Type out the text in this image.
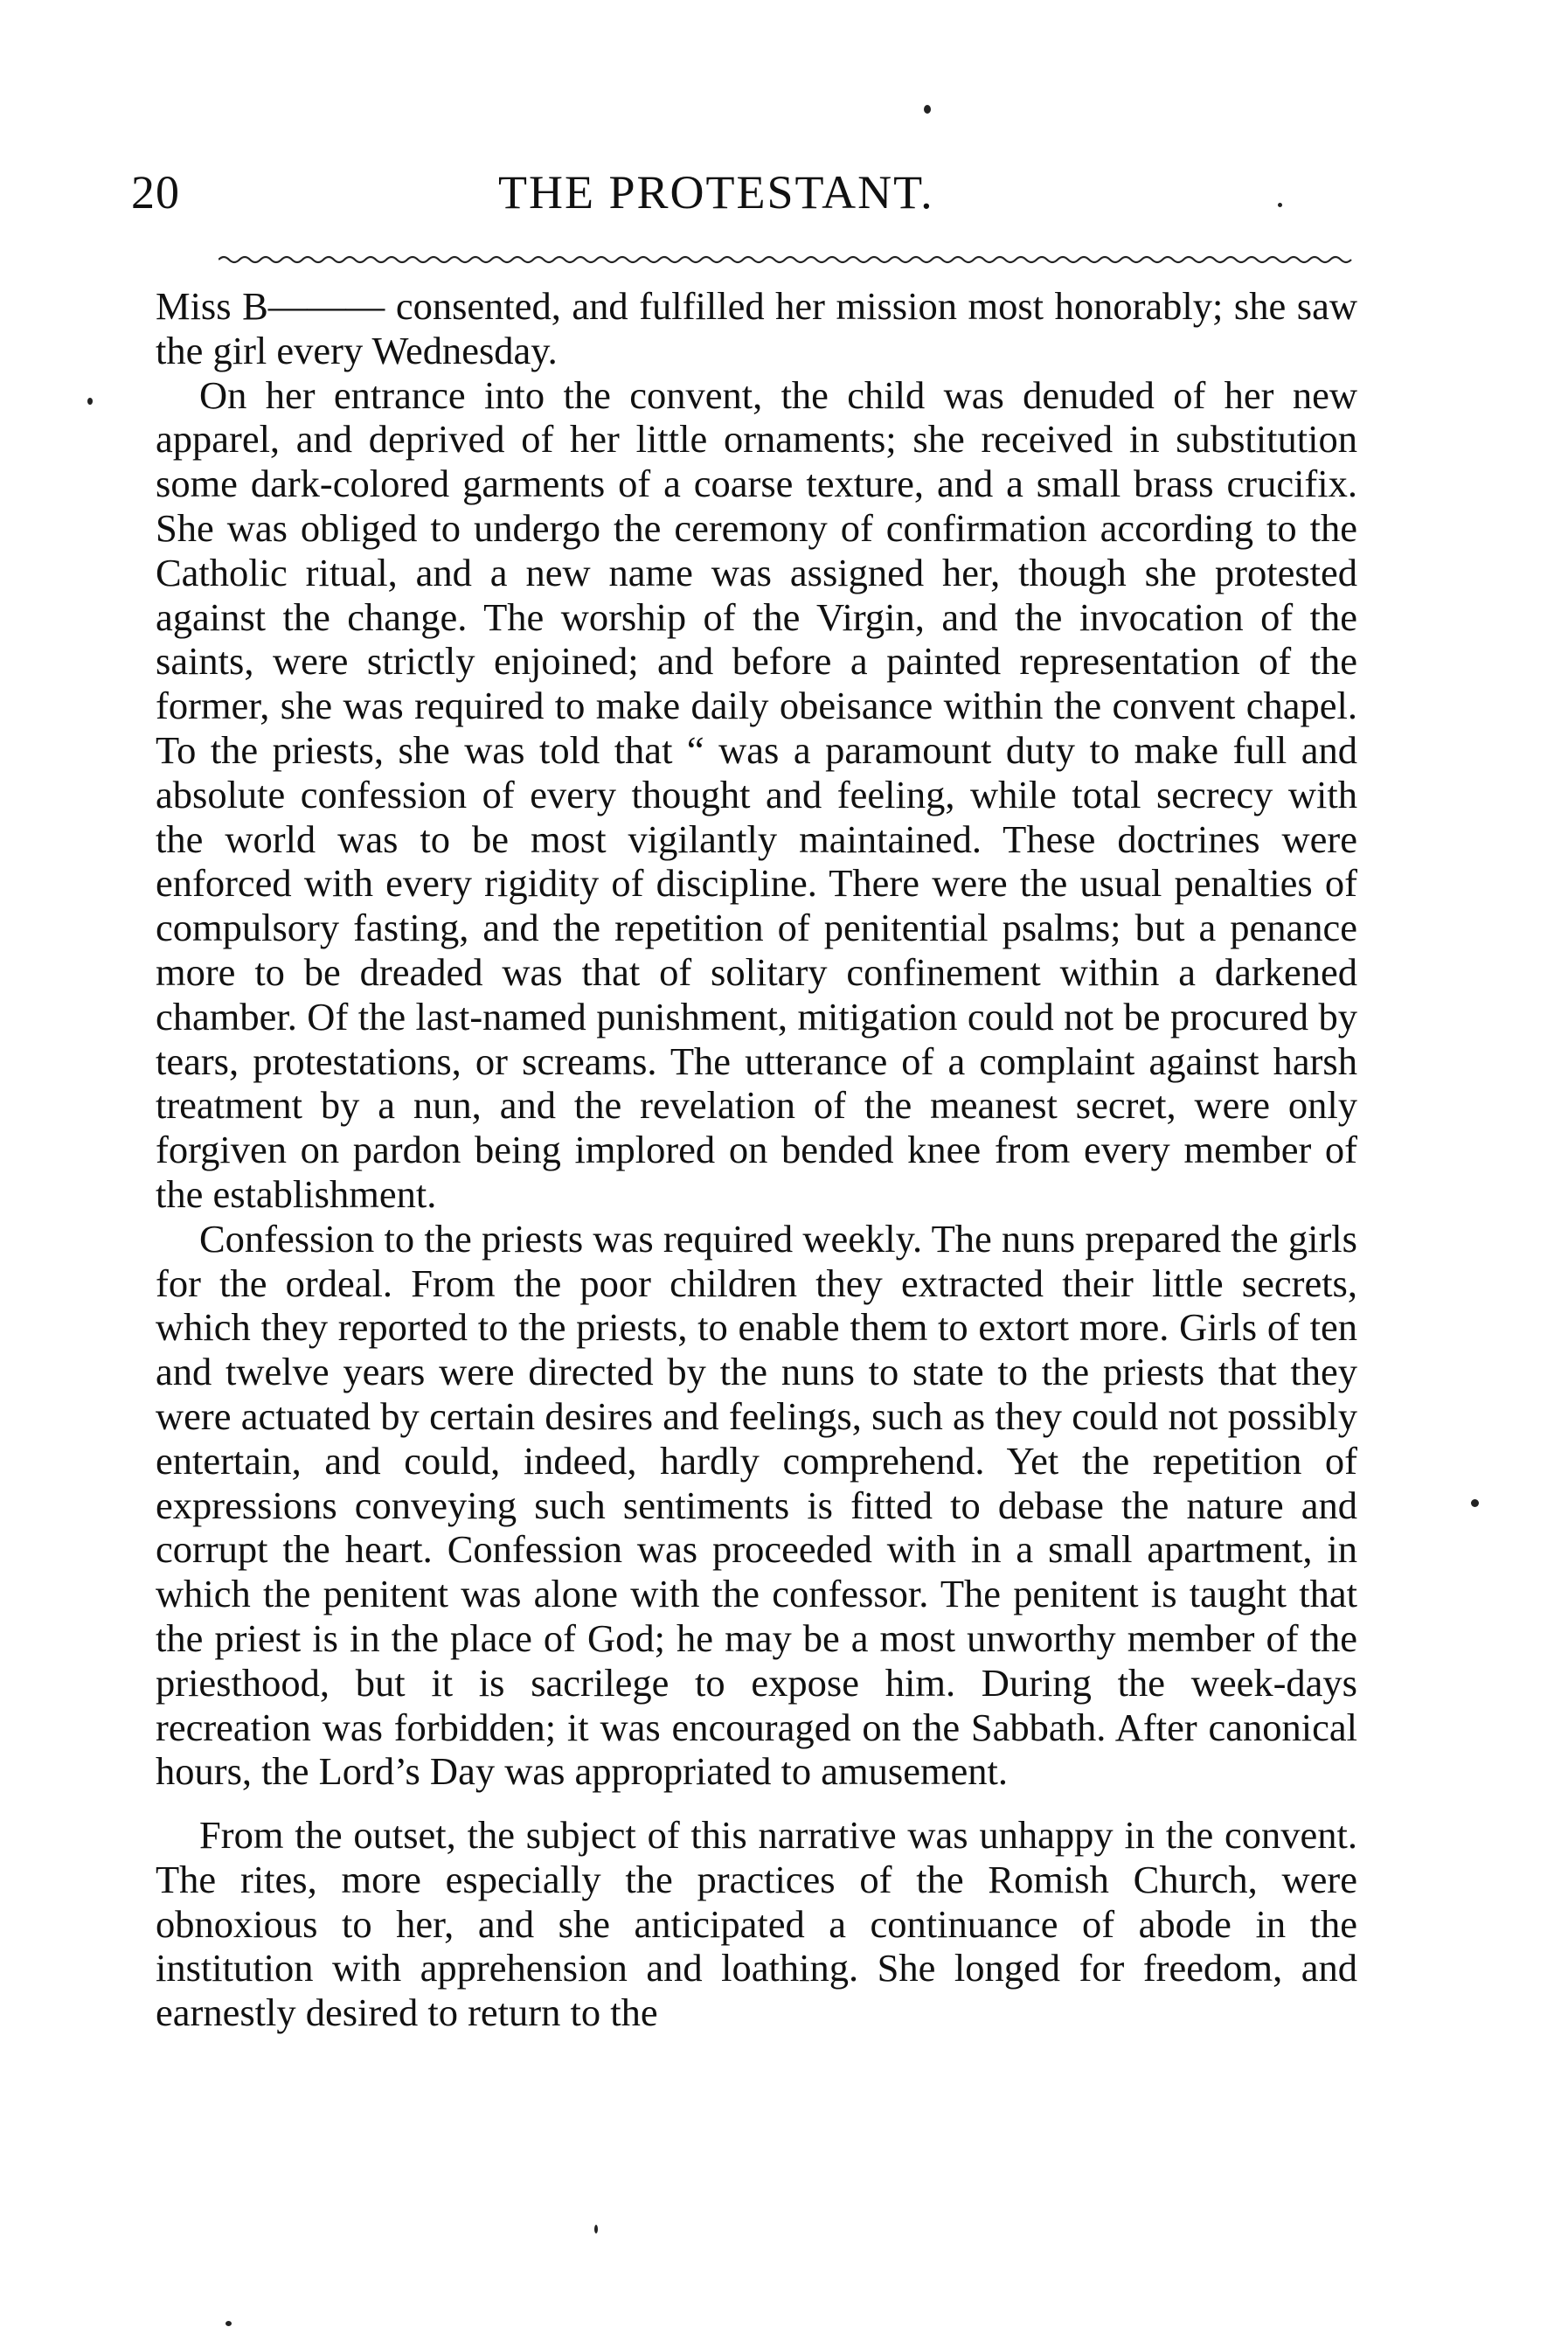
20	THE PROTESTANT.

Miss B——— consented, and fulfilled her mission most honorably; she saw the girl every Wednesday.

On her entrance into the convent, the child was denuded of her new apparel, and deprived of her little ornaments; she received in substitution some dark-colored garments of a coarse texture, and a small brass crucifix. She was obliged to undergo the ceremony of confirmation according to the Catholic ritual, and a new name was assigned her, though she protested against the change. The worship of the Virgin, and the invocation of the saints, were strictly enjoined; and before a painted representation of the former, she was required to make daily obeisance within the convent chapel. To the priests, she was told that “ was a paramount duty to make full and absolute confession of every thought and feeling, while total secrecy with the world was to be most vigilantly maintained. These doctrines were enforced with every rigidity of discipline. There were the usual penalties of compulsory fasting, and the repetition of penitential psalms; but a penance more to be dreaded was that of solitary confinement within a darkened chamber. Of the last-named punishment, mitigation could not be procured by tears, protestations, or screams. The utterance of a complaint against harsh treatment by a nun, and the revelation of the meanest secret, were only forgiven on pardon being implored on bended knee from every member of the establishment.

Confession to the priests was required weekly. The nuns prepared the girls for the ordeal. From the poor children they extracted their little secrets, which they reported to the priests, to enable them to extort more. Girls of ten and twelve years were directed by the nuns to state to the priests that they were actuated by certain desires and feelings, such as they could not possibly entertain, and could, indeed, hardly comprehend. Yet the repetition of expressions conveying such sentiments is fitted to debase the nature and corrupt the heart. Confession was proceeded with in a small apartment, in which the penitent was alone with the confessor. The penitent is taught that the priest is in the place of God; he may be a most unworthy member of the priesthood, but it is sacrilege to expose him. During the week-days recreation was forbidden; it was encouraged on the Sabbath. After canonical hours, the Lord’s Day was appropriated to amusement.

From the outset, the subject of this narrative was unhappy in the convent. The rites, more especially the practices of the Romish Church, were obnoxious to her, and she anticipated a continuance of abode in the institution with apprehension and loathing. She longed for freedom, and earnestly desired to return to the
